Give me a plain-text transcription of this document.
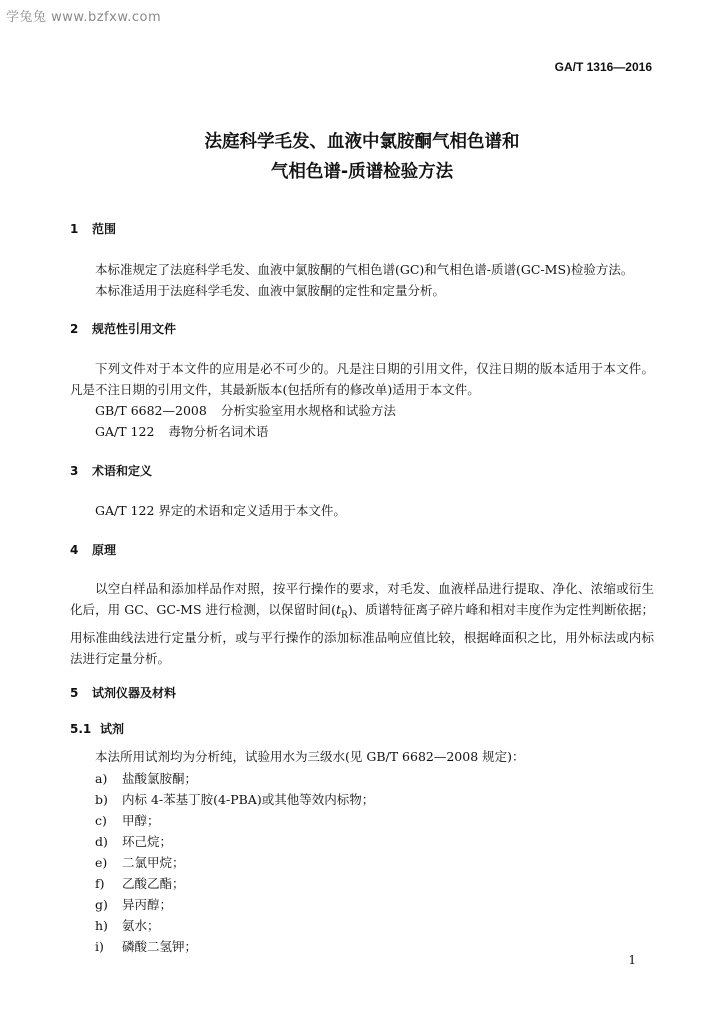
学兔兔 www.bzfxw.com
GA/T 1316—2016
法庭科学毛发、血液中氯胺酮气相色谱和
气相色谱-质谱检验方法
1 范围
本标准规定了法庭科学毛发、血液中氯胺酮的气相色谱(GC)和气相色谱-质谱(GC-MS)检验方法。
本标准适用于法庭科学毛发、血液中氯胺酮的定性和定量分析。
2 规范性引用文件
下列文件对于本文件的应用是必不可少的。凡是注日期的引用文件，仅注日期的版本适用于本文件。凡是不注日期的引用文件，其最新版本(包括所有的修改单)适用于本文件。
GB/T 6682—2008 分析实验室用水规格和试验方法
GA/T 122 毒物分析名词术语
3 术语和定义
GA/T 122 界定的术语和定义适用于本文件。
4 原理
以空白样品和添加样品作对照，按平行操作的要求，对毛发、血液样品进行提取、净化、浓缩或衍生化后，用 GC、GC-MS 进行检测，以保留时间$(t_R)$、质谱特征离子碎片峰和相对丰度作为定性判断依据；用标准曲线法进行定量分析，或与平行操作的添加标准品响应值比较，根据峰面积之比，用外标法或内标法进行定量分析。
5 试剂仪器及材料
5.1 试剂
本法所用试剂均为分析纯，试验用水为三级水(见 GB/T 6682—2008 规定)：
a) 盐酸氯胺酮；
b) 内标 4-苯基丁胺(4-PBA)或其他等效内标物；
c) 甲醇；
d) 环己烷；
e) 二氯甲烷；
f) 乙酸乙酯；
g) 异丙醇；
h) 氨水；
i) 磷酸二氢钾；
1
